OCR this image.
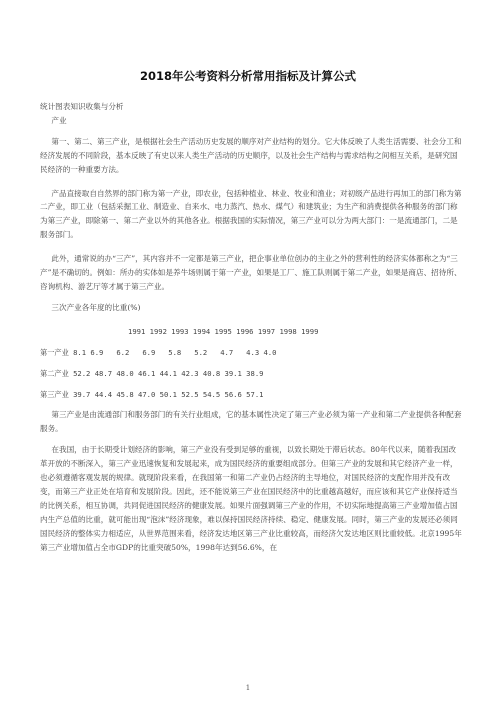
2018年公考资料分析常用指标及计算公式

统计图表知识收集与分析

产业

第一、第二、第三产业，是根据社会生产活动历史发展的顺序对产业结构的划分。它大体反映了人类生活需要、社会分工和经济发展的不同阶段，基本反映了有史以来人类生产活动的历史顺序，以及社会生产结构与需求结构之间相互关系，是研究国民经济的一种重要方法。

产品直接取自自然界的部门称为第一产业，即农业，包括种植业、林业、牧业和渔业；对初级产品进行再加工的部门称为第二产业，即工业（包括采掘工业、制造业、自来水、电力蒸汽、热水、煤气）和建筑业；为生产和消费提供各种服务的部门称为第三产业，即除第一、第二产业以外的其他各业。根据我国的实际情况，第三产业可以分为两大部门：一是流通部门，二是服务部门。

此外，通常说的办“三产”，其内容并不一定都是第三产业，把企事业单位创办的主业之外的营利性的经济实体都称之为“三产”是不确切的。例如：所办的实体如是养牛场则属于第一产业，如果是工厂、施工队则属于第二产业，如果是商店、招待所、咨询机构、游艺厅等才属于第三产业。

三次产业各年度的比重(%)

1991 1992 1993 1994 1995 1996 1997 1998 1999

第一产业 8.1 6.9   6.2   6.9   5.8   5.2   4.7   4.3 4.0

第二产业 52.2 48.7 48.0 46.1 44.1 42.3 40.8 39.1 38.9

第三产业 39.7 44.4 45.8 47.0 50.1 52.5 54.5 56.6 57.1

第三产业是由流通部门和服务部门的有关行业组成，它的基本属性决定了第三产业必须为第一产业和第二产业提供各种配套服务。

在我国，由于长期受计划经济的影响，第三产业没有受到足够的重视，以致长期处于滞后状态。80年代以来，随着我国改革开放的不断深入，第三产业迅速恢复和发展起来，成为国民经济的重要组成部分。但第三产业的发展和其它经济产业一样，也必须遵循客观发展的规律。就现阶段来看，在我国第一和第二产业仍占经济的主导地位，对国民经济的支配作用并没有改变，而第三产业正处在培育和发展阶段。因此，还不能说第三产业在国民经济中的比重越高越好，而应该和其它产业保持适当的比例关系，相互协调，共同促进国民经济的健康发展。如果片面强调第三产业的作用，不切实际地提高第三产业增加值占国内生产总值的比重，就可能出现“泡沫”经济现象，难以保持国民经济持续、稳定、健康发展。同时，第三产业的发展还必须同国民经济的整体实力相适应，从世界范围来看，经济发达地区第三产业比重较高，而经济欠发达地区则比重较低。北京1995年第三产业增加值占全市GDP的比重突破50%，1998年达到56.6%，在

1
